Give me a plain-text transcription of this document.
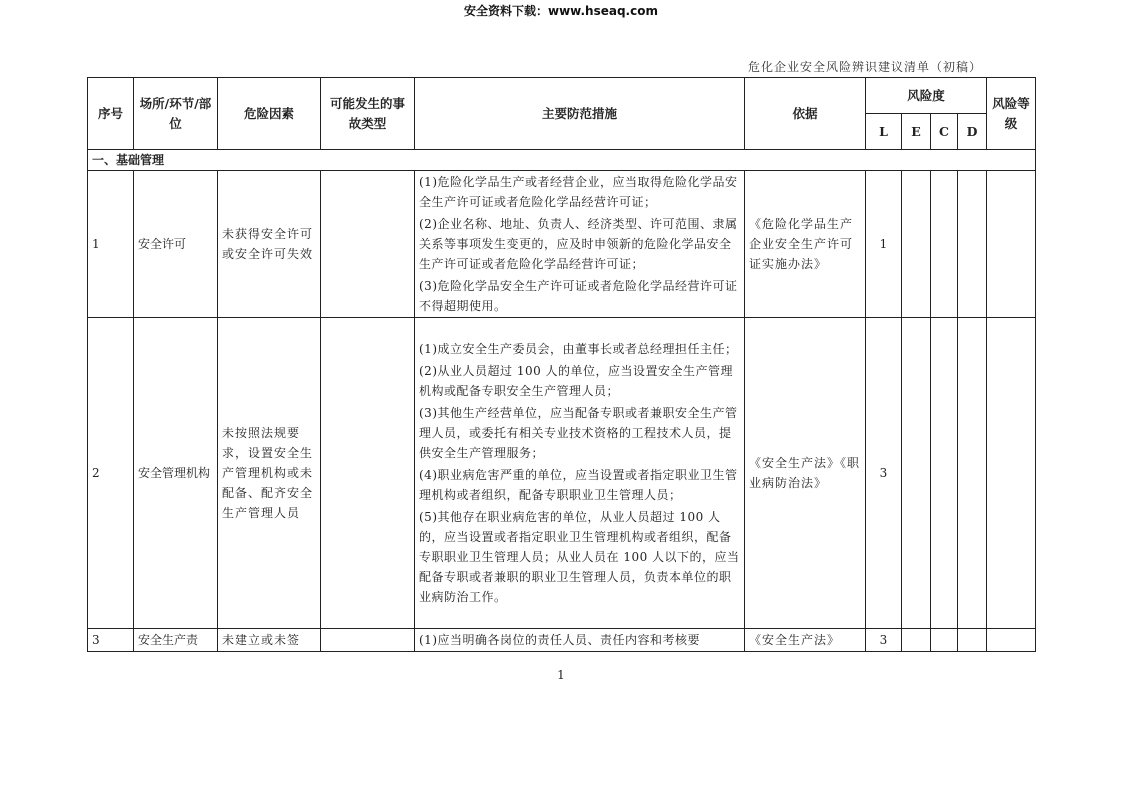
安全资料下载：www.hseaq.com
危化企业安全风险辨识建议清单（初稿）
序号	场所/环节/部位	危险因素	可能发生的事故类型	主要防范措施	依据	风险度				风险等级
						L	E	C	D	
一、基础管理										
1	安全许可	未获得安全许可或安全许可失效		(1)危险化学品生产或者经营企业，应当取得危险化学品安全生产许可证或者危险化学品经营许可证；

(2)企业名称、地址、负责人、经济类型、许可范围、隶属关系等事项发生变更的，应及时申领新的危险化学品安全生产许可证或者危险化学品经营许可证；

(3)危险化学品安全生产许可证或者危险化学品经营许可证不得超期使用。	《危险化学品生产企业安全生产许可证实施办法》	1				
2	安全管理机构	未按照法规要求，设置安全生产管理机构或未配备、配齐安全生产管理人员		(1)成立安全生产委员会，由董事长或者总经理担任主任；

(2)从业人员超过 100 人的单位，应当设置安全生产管理机构或配备专职安全生产管理人员；

(3)其他生产经营单位，应当配备专职或者兼职安全生产管理人员，或委托有相关专业技术资格的工程技术人员，提供安全生产管理服务；

(4)职业病危害严重的单位，应当设置或者指定职业卫生管理机构或者组织，配备专职职业卫生管理人员；

(5)其他存在职业病危害的单位，从业人员超过 100 人的，应当设置或者指定职业卫生管理机构或者组织，配备专职职业卫生管理人员；从业人员在 100 人以下的，应当配备专职或者兼职的职业卫生管理人员，负责本单位的职业病防治工作。	《安全生产法》《职业病防治法》	3				
3	安全生产责	未建立或未签		(1)应当明确各岗位的责任人员、责任内容和考核要	《安全生产法》	3				
1
